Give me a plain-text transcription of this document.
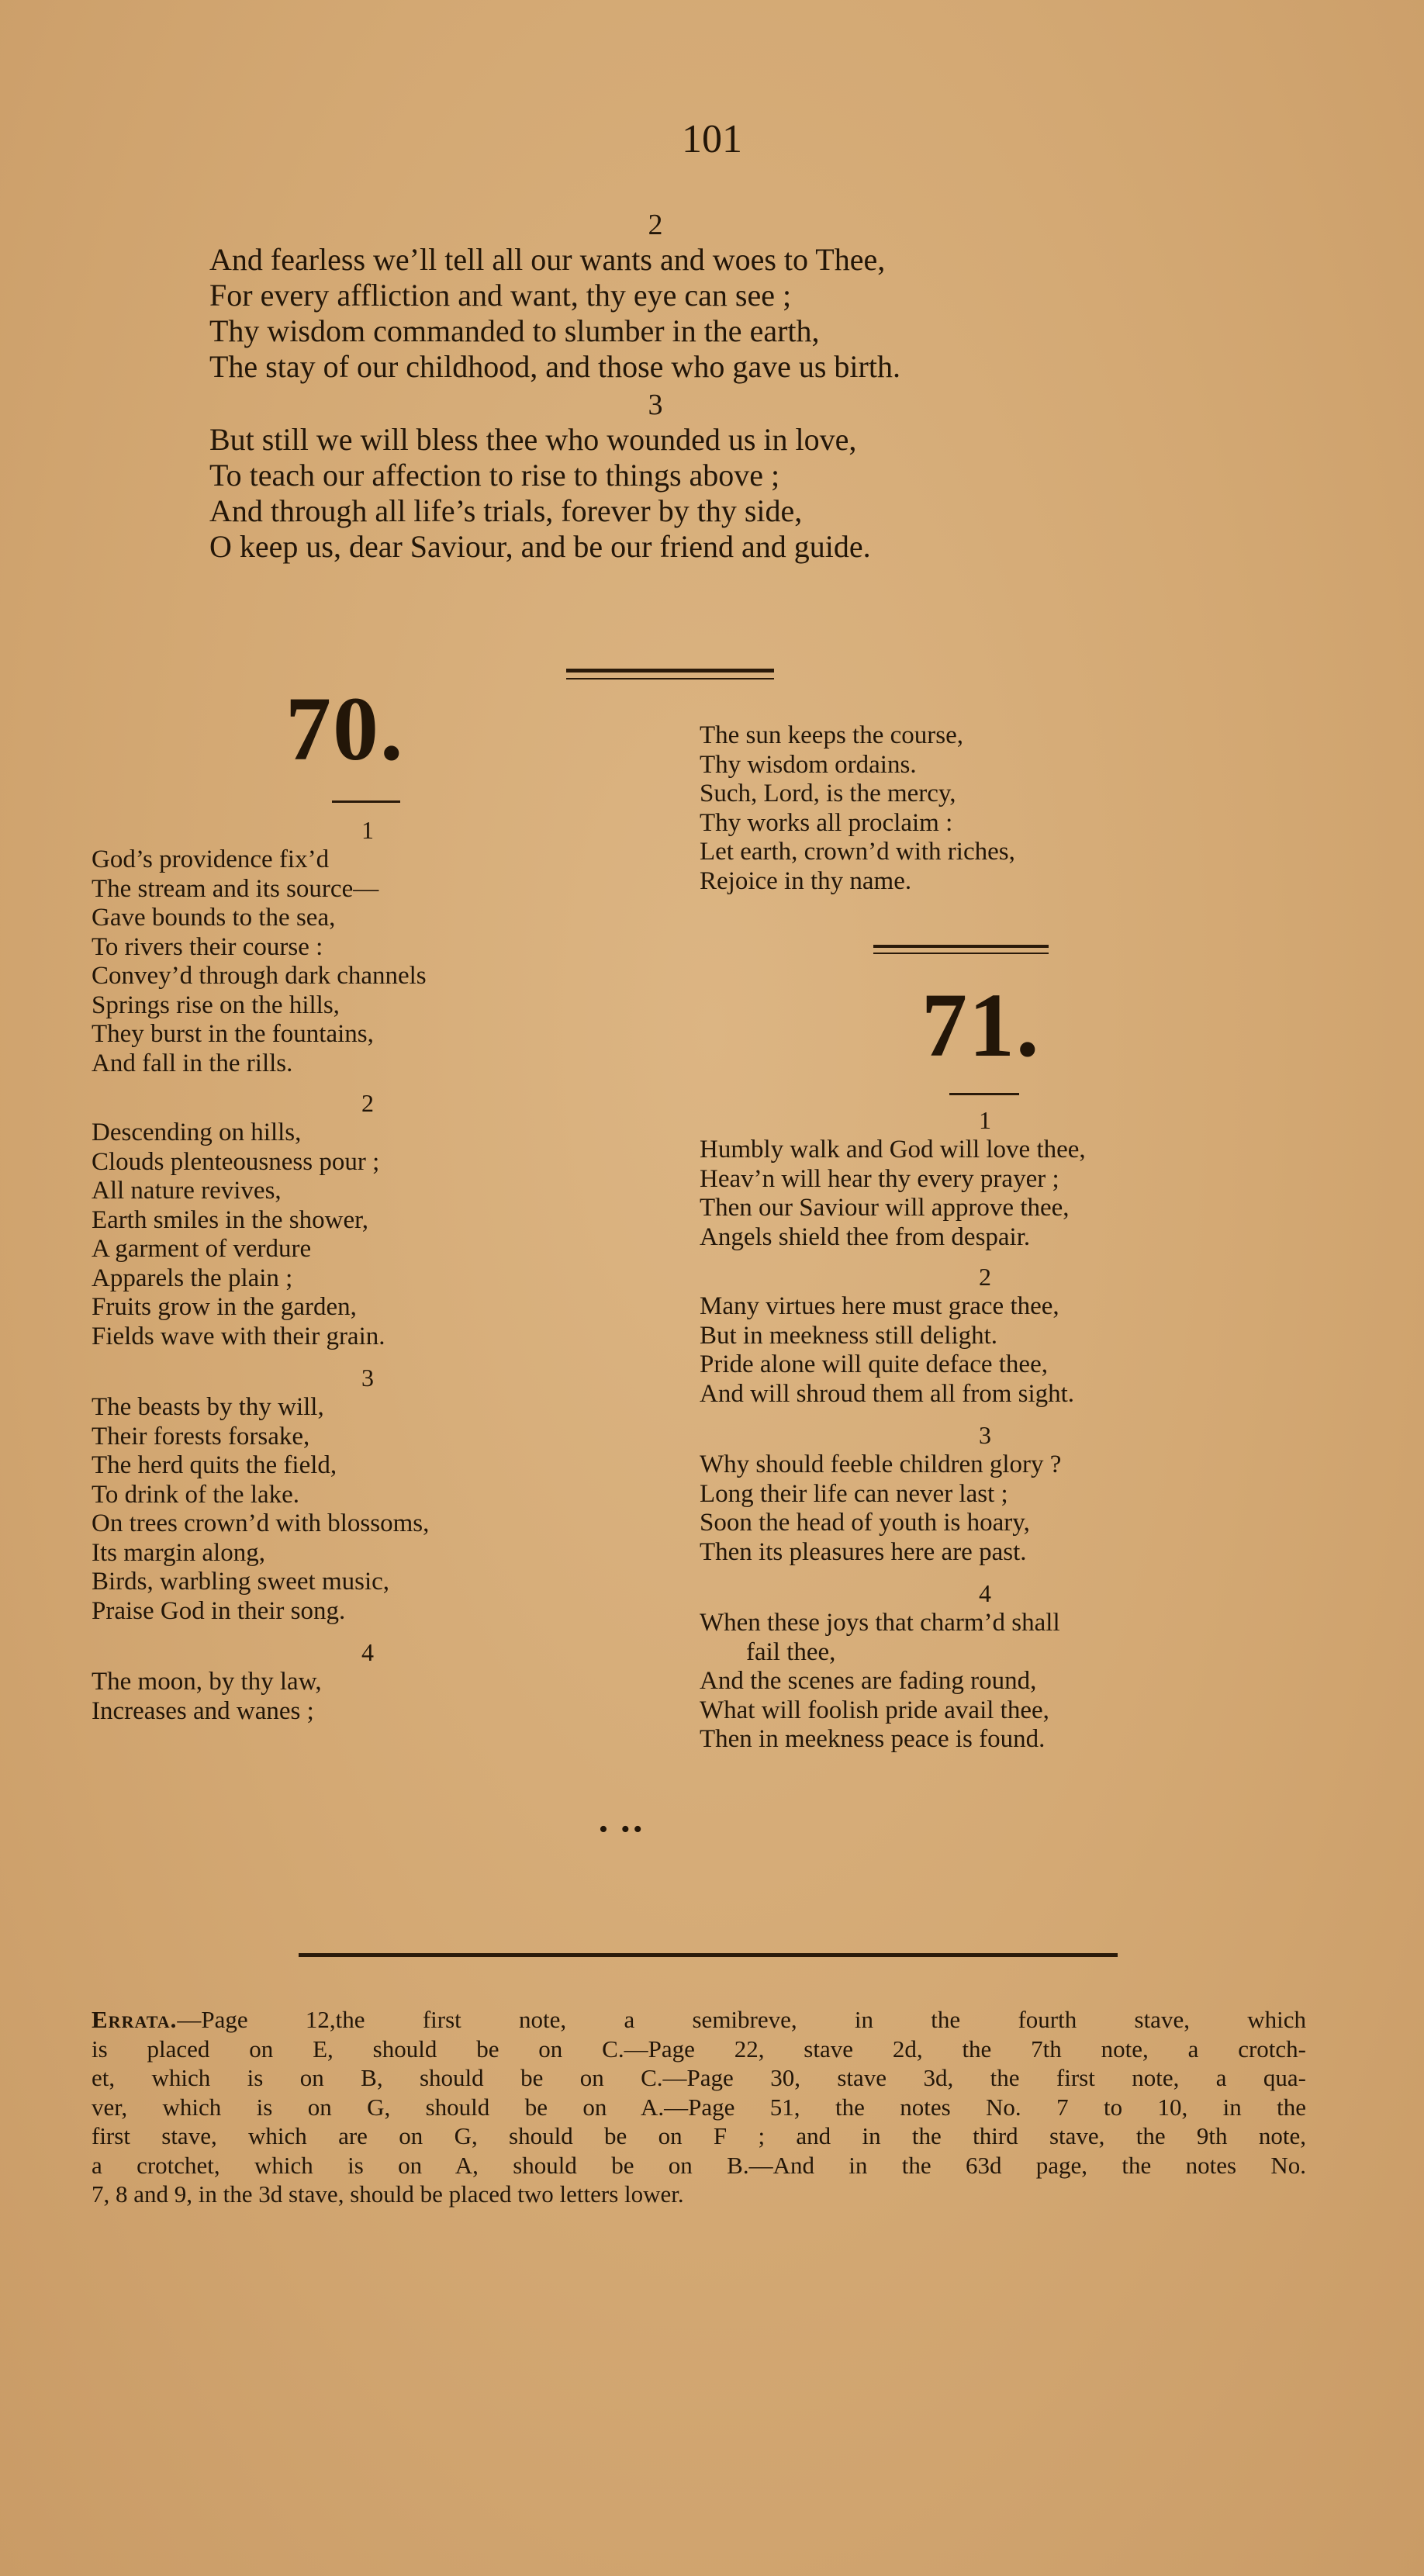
101
2
And fearless we’ll tell all our wants and woes to Thee,
For every affliction and want, thy eye can see ;
Thy wisdom commanded to slumber in the earth,
The stay of our childhood, and those who gave us birth.
3
But still we will bless thee who wounded us in love,
To teach our affection to rise to things above ;
And through all life’s trials, forever by thy side,
O keep us, dear Saviour, and be our friend and guide.
70.
1
God’s providence fix’d
The stream and its source—
Gave bounds to the sea,
To rivers their course :
Convey’d through dark channels
Springs rise on the hills,
They burst in the fountains,
And fall in the rills.
2
Descending on hills,
Clouds plenteousness pour ;
All nature revives,
Earth smiles in the shower,
A garment of verdure
Apparels the plain ;
Fruits grow in the garden,
Fields wave with their grain.
3
The beasts by thy will,
Their forests forsake,
The herd quits the field,
To drink of the lake.
On trees crown’d with blossoms,
Its margin along,
Birds, warbling sweet music,
Praise God in their song.
4
The moon, by thy law,
Increases and wanes ;
• ••
The sun keeps the course,
Thy wisdom ordains.
Such, Lord, is the mercy,
Thy works all proclaim :
Let earth, crown’d with riches,
Rejoice in thy name.
71.
1
Humbly walk and God will love thee,
Heav’n will hear thy every prayer ;
Then our Saviour will approve thee,
Angels shield thee from despair.
2
Many virtues here must grace thee,
But in meekness still delight.
Pride alone will quite deface thee,
And will shroud them all from sight.
3
Why should feeble children glory ?
Long their life can never last ;
Soon the head of youth is hoary,
Then its pleasures here are past.
4
When these joys that charm’d shall
fail thee,
And the scenes are fading round,
What will foolish pride avail thee,
Then in meekness peace is found.
Errata.—Page 12,the first note, a semibreve, in the fourth stave, which
is placed on E, should be on C.—Page 22, stave 2d, the 7th note, a crotch-
et, which is on B, should be on C.—Page 30, stave 3d, the first note, a qua-
ver, which is on G, should be on A.—Page 51, the notes No. 7 to 10, in the
first stave, which are on G, should be on F ; and in the third stave, the 9th note,
a crotchet, which is on A, should be on B.—And in the 63d page, the notes No.
7, 8 and 9, in the 3d stave, should be placed two letters lower.
